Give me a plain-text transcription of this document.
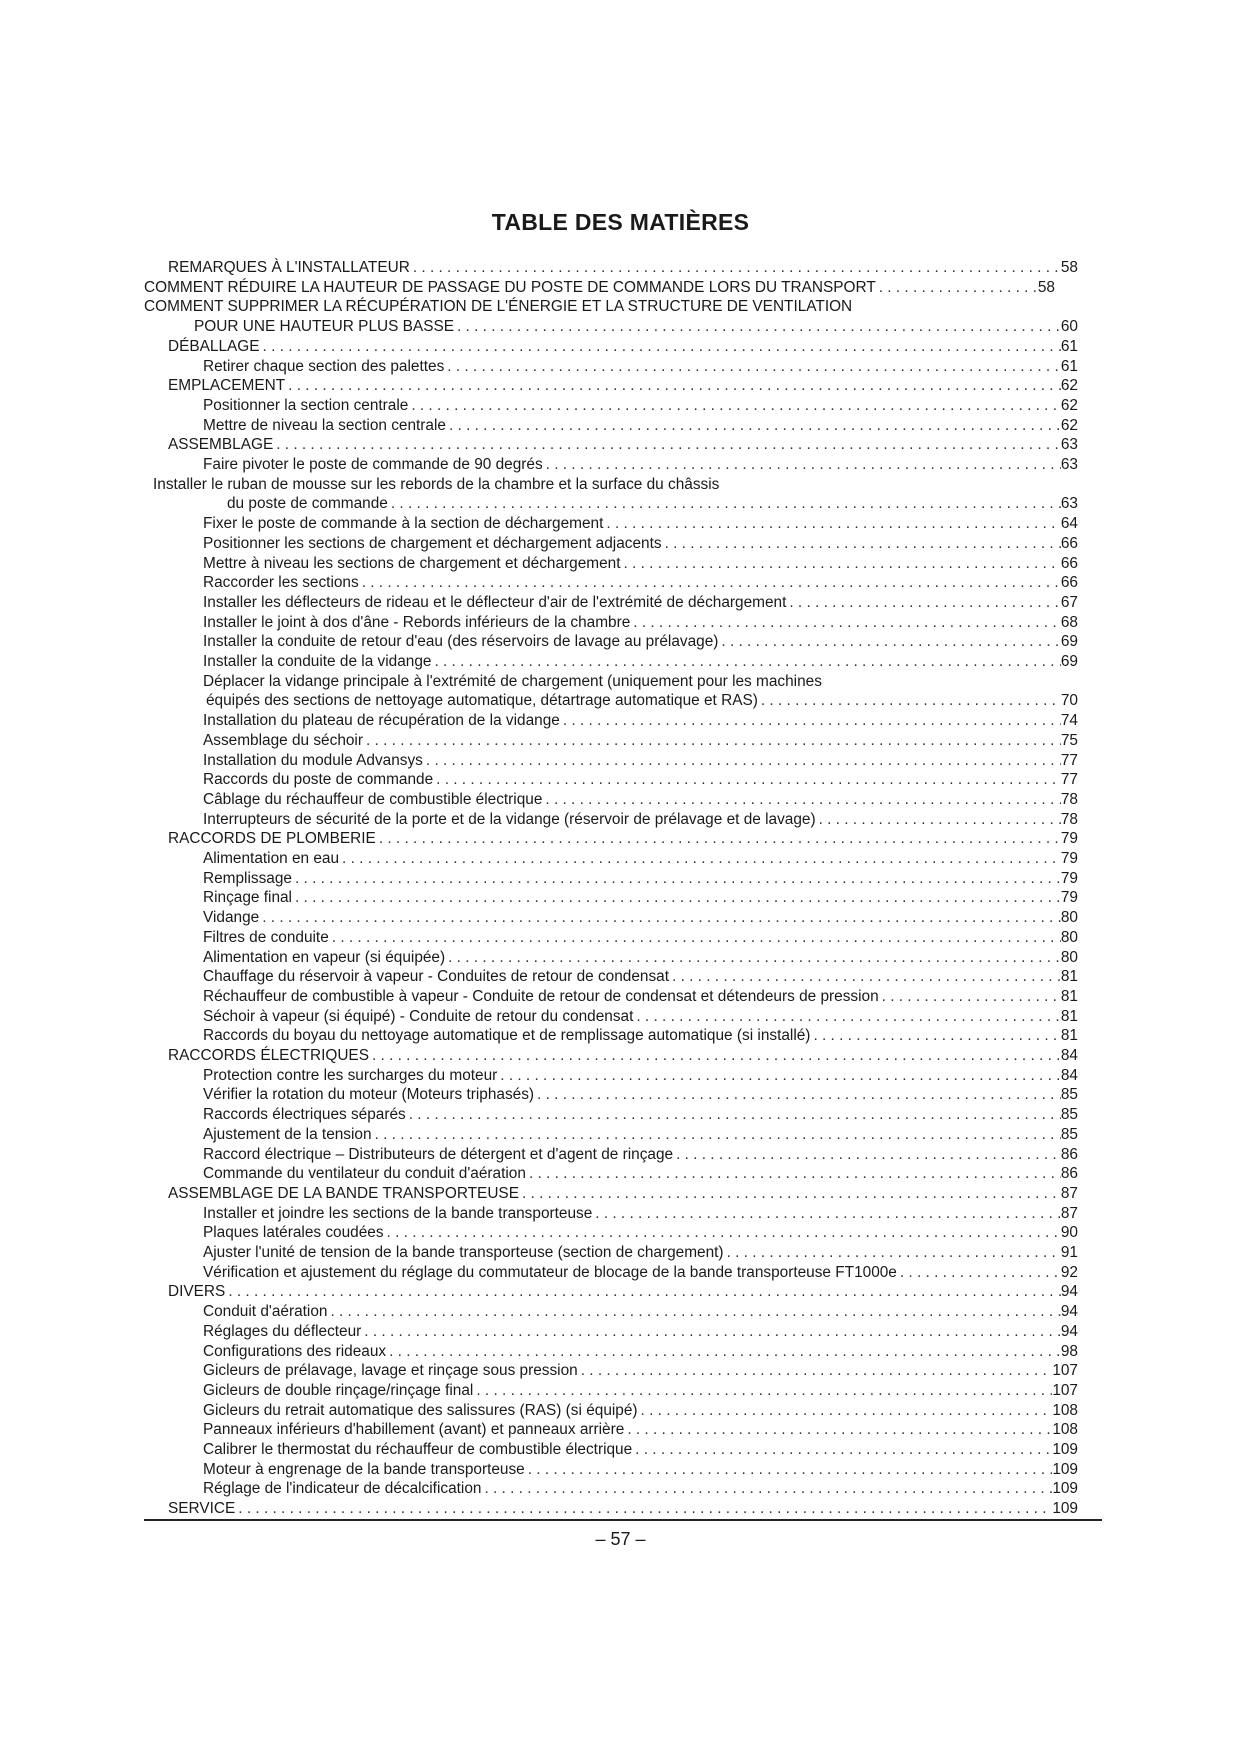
TABLE DES MATIÈRES
REMARQUES À L'INSTALLATEUR . . .	58
COMMENT RÉDUIRE LA HAUTEUR DE PASSAGE DU POSTE DE COMMANDE LORS DU TRANSPORT . . .	58
COMMENT SUPPRIMER LA RÉCUPÉRATION DE L'ÉNERGIE ET LA STRUCTURE DE VENTILATION
POUR UNE HAUTEUR PLUS BASSE . . .	60
DÉBALLAGE . . .	61
Retirer chaque section des palettes . . .	61
EMPLACEMENT . . .	62
Positionner la section centrale . . .	62
Mettre de niveau la section centrale . . .	62
ASSEMBLAGE . . .	63
Faire pivoter le poste de commande de 90 degrés . . .	63
Installer le ruban de mousse sur les rebords de la chambre et la surface du châssis
du poste de commande . . .	63
Fixer le poste de commande à la section de déchargement . . .	64
Positionner les sections de chargement et déchargement adjacents . . .	66
Mettre à niveau les sections de chargement et déchargement . . .	66
Raccorder les sections . . .	66
Installer les déflecteurs de rideau et le déflecteur d'air de l'extrémité de déchargement . . .	67
Installer le joint à dos d'âne - Rebords inférieurs de la chambre . . .	68
Installer la conduite de retour d'eau (des réservoirs de lavage au prélavage) . . .	69
Installer la conduite de la vidange . . .	69
Déplacer la vidange principale à l'extrémité de chargement (uniquement pour les machines
équipés des sections de nettoyage automatique, détartrage automatique et RAS) . . .	70
Installation du plateau de récupération de la vidange . . .	74
Assemblage du séchoir . . .	75
Installation du module Advansys . . .	77
Raccords du poste de commande . . .	77
Câblage du réchauffeur de combustible électrique . . .	78
Interrupteurs de sécurité de la porte et de la vidange (réservoir de prélavage et de lavage) . . .	78
RACCORDS DE PLOMBERIE . . .	79
Alimentation en eau . . .	79
Remplissage . . .	79
Rinçage final . . .	79
Vidange . . .	80
Filtres de conduite . . .	80
Alimentation en vapeur (si équipée) . . .	80
Chauffage du réservoir à vapeur - Conduites de retour de condensat . . .	81
Réchauffeur de combustible à vapeur - Conduite de retour de condensat et détendeurs de pression . . .	81
Séchoir à vapeur (si équipé) - Conduite de retour du condensat . . .	81
Raccords du boyau du nettoyage automatique et de remplissage automatique (si installé) . . .	81
RACCORDS ÉLECTRIQUES . . .	84
Protection contre les surcharges du moteur . . .	84
Vérifier la rotation du moteur (Moteurs triphasés) . . .	85
Raccords électriques séparés . . .	85
Ajustement de la tension . . .	85
Raccord électrique – Distributeurs de détergent et d'agent de rinçage . . .	86
Commande du ventilateur du conduit d'aération . . .	86
ASSEMBLAGE DE LA BANDE TRANSPORTEUSE . . .	87
Installer et joindre les sections de la bande transporteuse . . .	87
Plaques latérales coudées . . .	90
Ajuster l'unité de tension de la bande transporteuse (section de chargement) . . .	91
Vérification et ajustement du réglage du commutateur de blocage de la bande transporteuse FT1000e . . .	92
DIVERS . . .	94
Conduit d'aération . . .	94
Réglages du déflecteur . . .	94
Configurations des rideaux . . .	98
Gicleurs de prélavage, lavage et rinçage sous pression . . .	107
Gicleurs de double rinçage/rinçage final . . .	107
Gicleurs du retrait automatique des salissures (RAS) (si équipé) . . .	108
Panneaux inférieurs d'habillement (avant) et panneaux arrière . . .	108
Calibrer le thermostat du réchauffeur de combustible électrique . . .	109
Moteur à engrenage de la bande transporteuse . . .	109
Réglage de l'indicateur de décalcification . . .	109
SERVICE . . .	109
– 57 –
